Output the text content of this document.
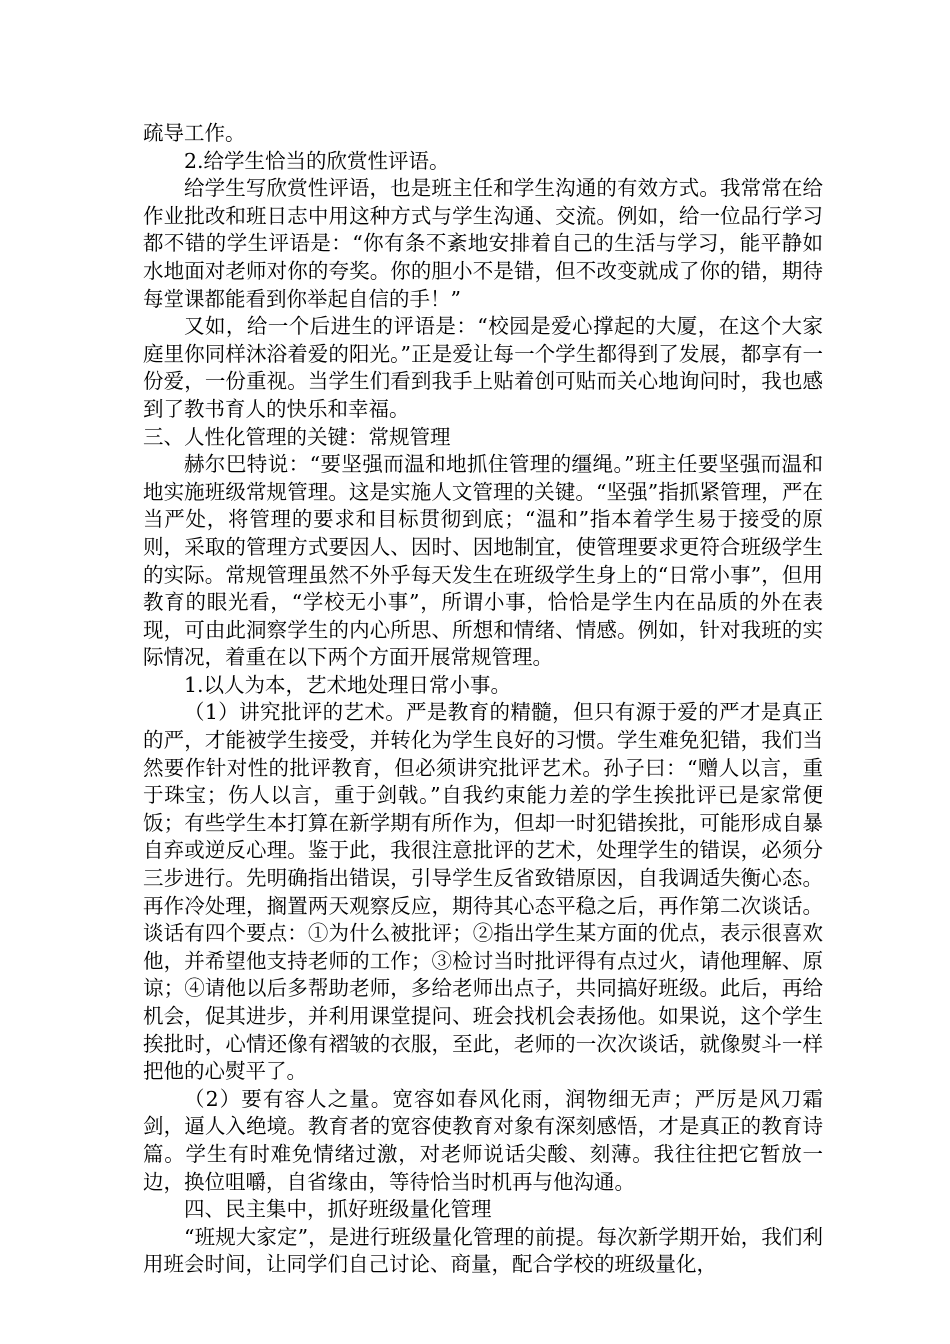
疏导工作。

2.给学生恰当的欣赏性评语。

给学生写欣赏性评语，也是班主任和学生沟通的有效方式。我常常在给作业批改和班日志中用这种方式与学生沟通、交流。例如，给一位品行学习都不错的学生评语是：“你有条不紊地安排着自己的生活与学习，能平静如水地面对老师对你的夸奖。你的胆小不是错，但不改变就成了你的错，期待每堂课都能看到你举起自信的手！”

又如，给一个后进生的评语是：“校园是爱心撑起的大厦，在这个大家庭里你同样沐浴着爱的阳光。”正是爱让每一个学生都得到了发展，都享有一份爱，一份重视。当学生们看到我手上贴着创可贴而关心地询问时，我也感到了教书育人的快乐和幸福。

三、人性化管理的关键：常规管理

赫尔巴特说：“要坚强而温和地抓住管理的缰绳。”班主任要坚强而温和地实施班级常规管理。这是实施人文管理的关键。“坚强”指抓紧管理，严在当严处，将管理的要求和目标贯彻到底；“温和”指本着学生易于接受的原则，采取的管理方式要因人、因时、因地制宜，使管理要求更符合班级学生的实际。常规管理虽然不外乎每天发生在班级学生身上的“日常小事”，但用教育的眼光看，“学校无小事”，所谓小事，恰恰是学生内在品质的外在表现，可由此洞察学生的内心所思、所想和情绪、情感。例如，针对我班的实际情况，着重在以下两个方面开展常规管理。

1.以人为本，艺术地处理日常小事。

（1）讲究批评的艺术。严是教育的精髓，但只有源于爱的严才是真正的严，才能被学生接受，并转化为学生良好的习惯。学生难免犯错，我们当然要作针对性的批评教育，但必须讲究批评艺术。孙子曰：“赠人以言，重于珠宝；伤人以言，重于剑戟。”自我约束能力差的学生挨批评已是家常便饭；有些学生本打算在新学期有所作为，但却一时犯错挨批，可能形成自暴自弃或逆反心理。鉴于此，我很注意批评的艺术，处理学生的错误，必须分三步进行。先明确指出错误，引导学生反省致错原因，自我调适失衡心态。再作冷处理，搁置两天观察反应，期待其心态平稳之后，再作第二次谈话。谈话有四个要点：①为什么被批评；②指出学生某方面的优点，表示很喜欢他，并希望他支持老师的工作；③检讨当时批评得有点过火，请他理解、原谅；④请他以后多帮助老师，多给老师出点子，共同搞好班级。此后，再给机会，促其进步，并利用课堂提问、班会找机会表扬他。如果说，这个学生挨批时，心情还像有褶皱的衣服，至此，老师的一次次谈话，就像熨斗一样把他的心熨平了。

（2）要有容人之量。宽容如春风化雨，润物细无声；严厉是风刀霜剑，逼人入绝境。教育者的宽容使教育对象有深刻感悟，才是真正的教育诗篇。学生有时难免情绪过激，对老师说话尖酸、刻薄。我往往把它暂放一边，换位咀嚼，自省缘由，等待恰当时机再与他沟通。

四、民主集中，抓好班级量化管理

“班规大家定”，是进行班级量化管理的前提。每次新学期开始，我们利用班会时间，让同学们自己讨论、商量，配合学校的班级量化，
